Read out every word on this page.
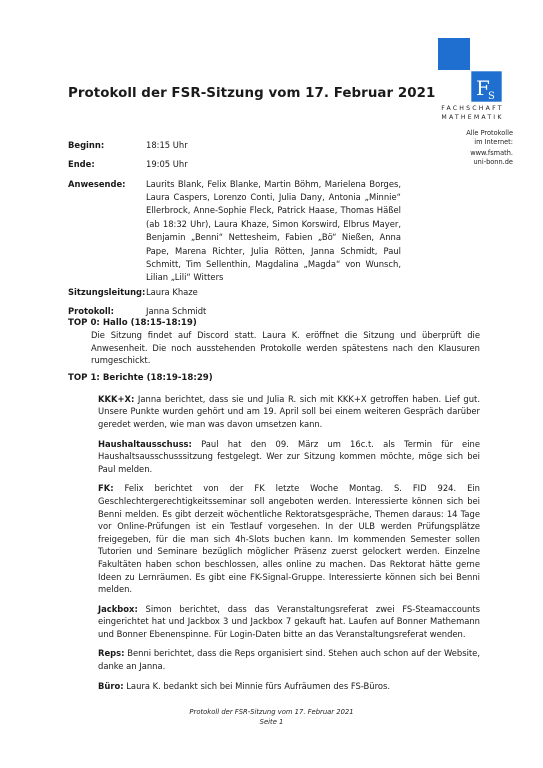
F
S
FACHSCHAFT
MATHEMATIK
Alle Protokolle
im Internet:
www.fsmath.
uni-bonn.de
Protokoll der FSR-Sitzung vom 17. Februar 2021
Beginn:	18:15 Uhr
Ende:	19:05 Uhr
Anwesende:	Laurits Blank, Felix Blanke, Martin Böhm, Marielena Borges, Laura Caspers, Lorenzo Conti, Julia Dany, Antonia „Minnie“ Ellerbrock, Anne-Sophie Fleck, Patrick Haase, Thomas Häßel (ab 18:32 Uhr), Laura Khaze, Simon Korswird, Elbrus Mayer, Benjamin „Benni“ Nettesheim, Fabien „Bö“ Nießen, Anna Pape, Marena Richter, Julia Rötten, Janna Schmidt, Paul Schmitt, Tim Sellenthin, Magdalina „Magda“ von Wunsch, Lilian „Lili“ Witters
Sitzungsleitung: Laura Khaze
Protokoll:	Janna Schmidt
TOP 0: Hallo (18:15-18:19)

Die Sitzung findet auf Discord statt. Laura K. eröffnet die Sitzung und überprüft die Anwesenheit. Die noch ausstehenden Protokolle werden spätestens nach den Klausuren rumgeschickt.

TOP 1: Berichte (18:19-18:29)

KKK+X: Janna berichtet, dass sie und Julia R. sich mit KKK+X getroffen haben. Lief gut. Unsere Punkte wurden gehört und am 19. April soll bei einem weiteren Gespräch darüber geredet werden, wie man was davon umsetzen kann.

Haushaltausschuss: Paul hat den 09. März um 16c.t. als Termin für eine Haushaltsausschusssitzung festgelegt. Wer zur Sitzung kommen möchte, möge sich bei Paul melden.

FK: Felix berichtet von der FK letzte Woche Montag. S. FID 924. Ein Geschlechtergerechtigkeitsseminar soll angeboten werden. Interessierte können sich bei Benni melden. Es gibt derzeit wöchentliche Rektoratsgespräche, Themen daraus: 14 Tage vor Online-Prüfungen ist ein Testlauf vorgesehen. In der ULB werden Prüfungsplätze freigegeben, für die man sich 4h-Slots buchen kann. Im kommenden Semester sollen Tutorien und Seminare bezüglich möglicher Präsenz zuerst gelockert werden. Einzelne Fakultäten haben schon beschlossen, alles online zu machen. Das Rektorat hätte gerne Ideen zu Lernräumen. Es gibt eine FK-Signal-Gruppe. Interessierte können sich bei Benni melden.

Jackbox: Simon berichtet, dass das Veranstaltungsreferat zwei FS-Steamaccounts eingerichtet hat und Jackbox 3 und Jackbox 7 gekauft hat. Laufen auf Bonner Mathemann und Bonner Ebenenspinne. Für Login-Daten bitte an das Veranstaltungsreferat wenden.

Reps: Benni berichtet, dass die Reps organisiert sind. Stehen auch schon auf der Website, danke an Janna.

Büro: Laura K. bedankt sich bei Minnie fürs Aufräumen des FS-Büros.

Protokoll der FSR-Sitzung vom 17. Februar 2021
Seite 1
